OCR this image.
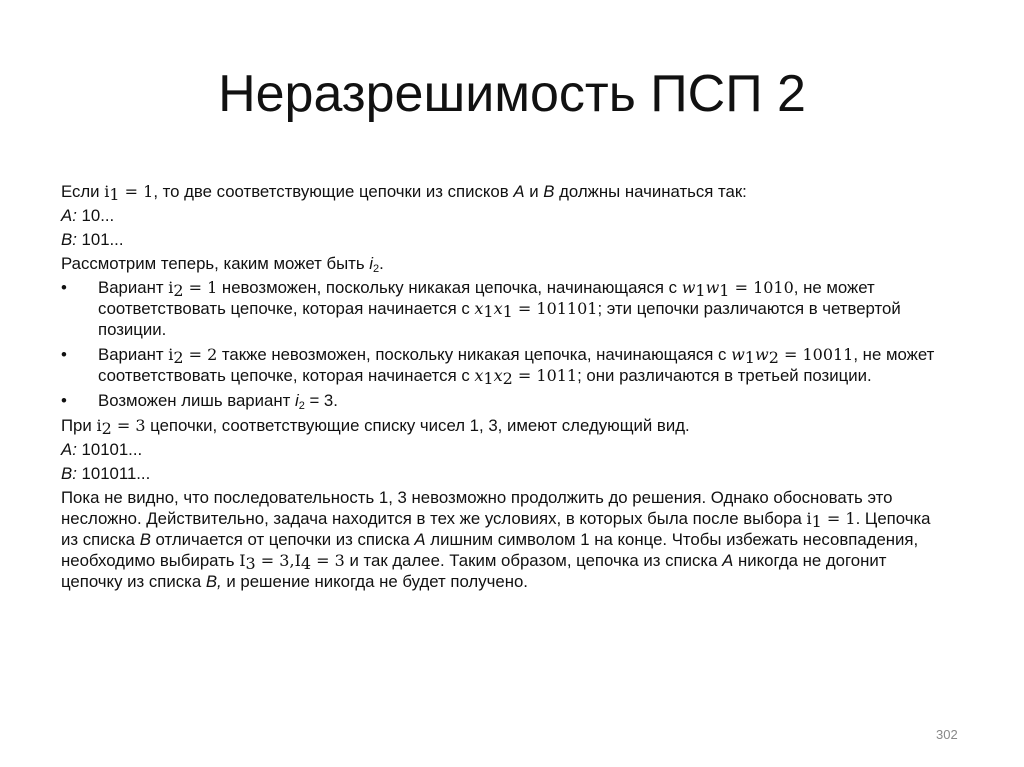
Неразрешимость ПСП 2
Если $i_1 = 1$, то две соответствующие цепочки из списков A и B должны начинаться так:
A: 10...
B: 101...
Рассмотрим теперь, каким может быть $i_2$.
• Вариант $i_2 = 1$ невозможен, поскольку никакая цепочка, начинающаяся с $w_1w_1 = 1010$, не может соответствовать цепочке, которая начинается с $x_1x_1 = 101101$; эти цепочки различаются в четвертой позиции.
• Вариант $i_2 = 2$ также невозможен, поскольку никакая цепочка, начинающаяся с $w_1w_2 = 10011$, не может соответствовать цепочке, которая начинается с $x_1x_2 = 1011$; они различаются в третьей позиции.
• Возможен лишь вариант $i_2 = 3$.
При $i_2 = 3$ цепочки, соответствующие списку чисел 1, 3, имеют следующий вид.
A: 10101...
B: 101011...
Пока не видно, что последовательность 1, 3 невозможно продолжить до решения. Однако обосновать это несложно. Действительно, задача находится в тех же условиях, в которых была после выбора $i_1 = 1$. Цепочка из списка B отличается от цепочки из списка A лишним символом 1 на конце. Чтобы избежать несовпадения, необходимо выбирать $I_3 = 3,I_4 = 3$ и так далее. Таким образом, цепочка из списка A никогда не догонит цепочку из списка B, и решение никогда не будет получено.
302
